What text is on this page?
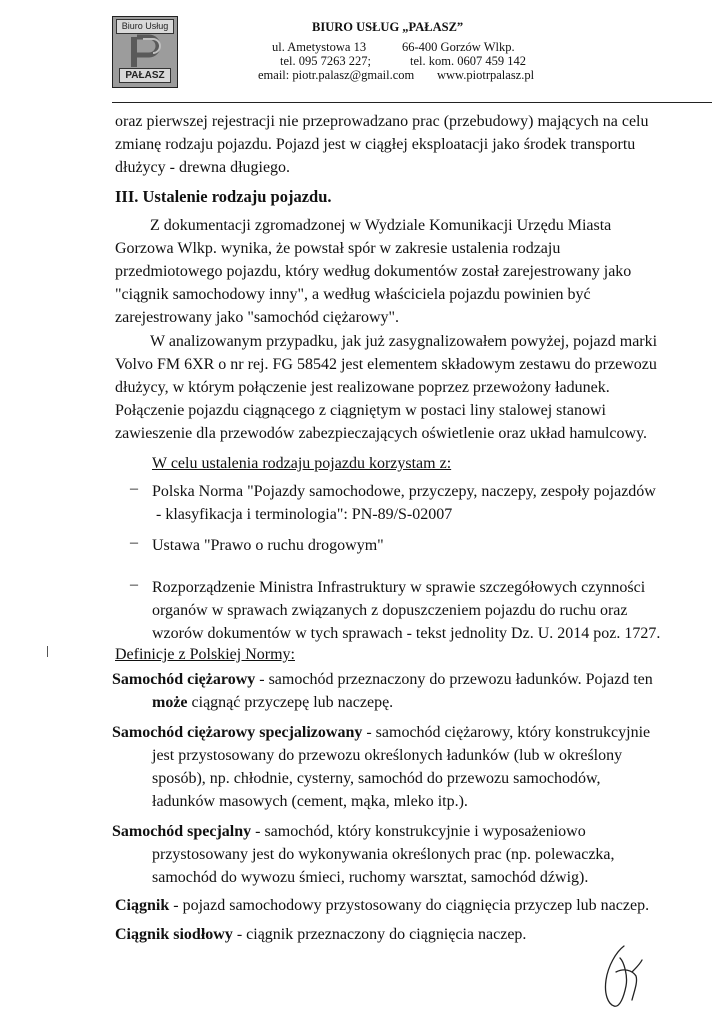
Biuro Usług
PAŁASZ
BIURO USŁUG „PAŁASZ”
ul. Ametystowa 13	66-400 Gorzów Wlkp.
tel. 095 7263 227;	tel. kom. 0607 459 142
email: piotr.palasz@gmail.com www.piotrpalasz.pl
oraz pierwszej rejestracji nie przeprowadzano prac (przebudowy) mających na celu
zmianę rodzaju pojazdu. Pojazd jest w ciągłej eksploatacji jako środek transportu
dłużycy - drewna długiego.
III. Ustalenie rodzaju pojazdu.
Z dokumentacji zgromadzonej w Wydziale Komunikacji Urzędu Miasta
Gorzowa Wlkp. wynika, że powstał spór w zakresie ustalenia rodzaju
przedmiotowego pojazdu, który według dokumentów został zarejestrowany jako
"ciągnik samochodowy inny", a według właściciela pojazdu powinien być
zarejestrowany jako "samochód ciężarowy".
W analizowanym przypadku, jak już zasygnalizowałem powyżej, pojazd marki
Volvo FM 6XR o nr rej. FG 58542 jest elementem składowym zestawu do przewozu
dłużycy, w którym połączenie jest realizowane poprzez przewożony ładunek.
Połączenie pojazdu ciągnącego z ciągniętym w postaci liny stalowej stanowi
zawieszenie dla przewodów zabezpieczających oświetlenie oraz układ hamulcowy.
W celu ustalenia rodzaju pojazdu korzystam z:
– Polska Norma "Pojazdy samochodowe, przyczepy, naczepy, zespoły pojazdów
- klasyfikacja i terminologia": PN-89/S-02007
– Ustawa "Prawo o ruchu drogowym"
– Rozporządzenie Ministra Infrastruktury w sprawie szczegółowych czynności
organów w sprawach związanych z dopuszczeniem pojazdu do ruchu oraz
wzorów dokumentów w tych sprawach - tekst jednolity Dz. U. 2014 poz. 1727.
Definicje z Polskiej Normy:
Samochód ciężarowy - samochód przeznaczony do przewozu ładunków. Pojazd ten
może ciągnąć przyczepę lub naczepę.
Samochód ciężarowy specjalizowany - samochód ciężarowy, który konstrukcyjnie
jest przystosowany do przewozu określonych ładunków (lub w określony
sposób), np. chłodnie, cysterny, samochód do przewozu samochodów,
ładunków masowych (cement, mąka, mleko itp.).
Samochód specjalny - samochód, który konstrukcyjnie i wyposażeniowo
przystosowany jest do wykonywania określonych prac (np. polewaczka,
samochód do wywozu śmieci, ruchomy warsztat, samochód dźwig).
Ciągnik - pojazd samochodowy przystosowany do ciągnięcia przyczep lub naczep.
Ciągnik siodłowy - ciągnik przeznaczony do ciągnięcia naczep.
